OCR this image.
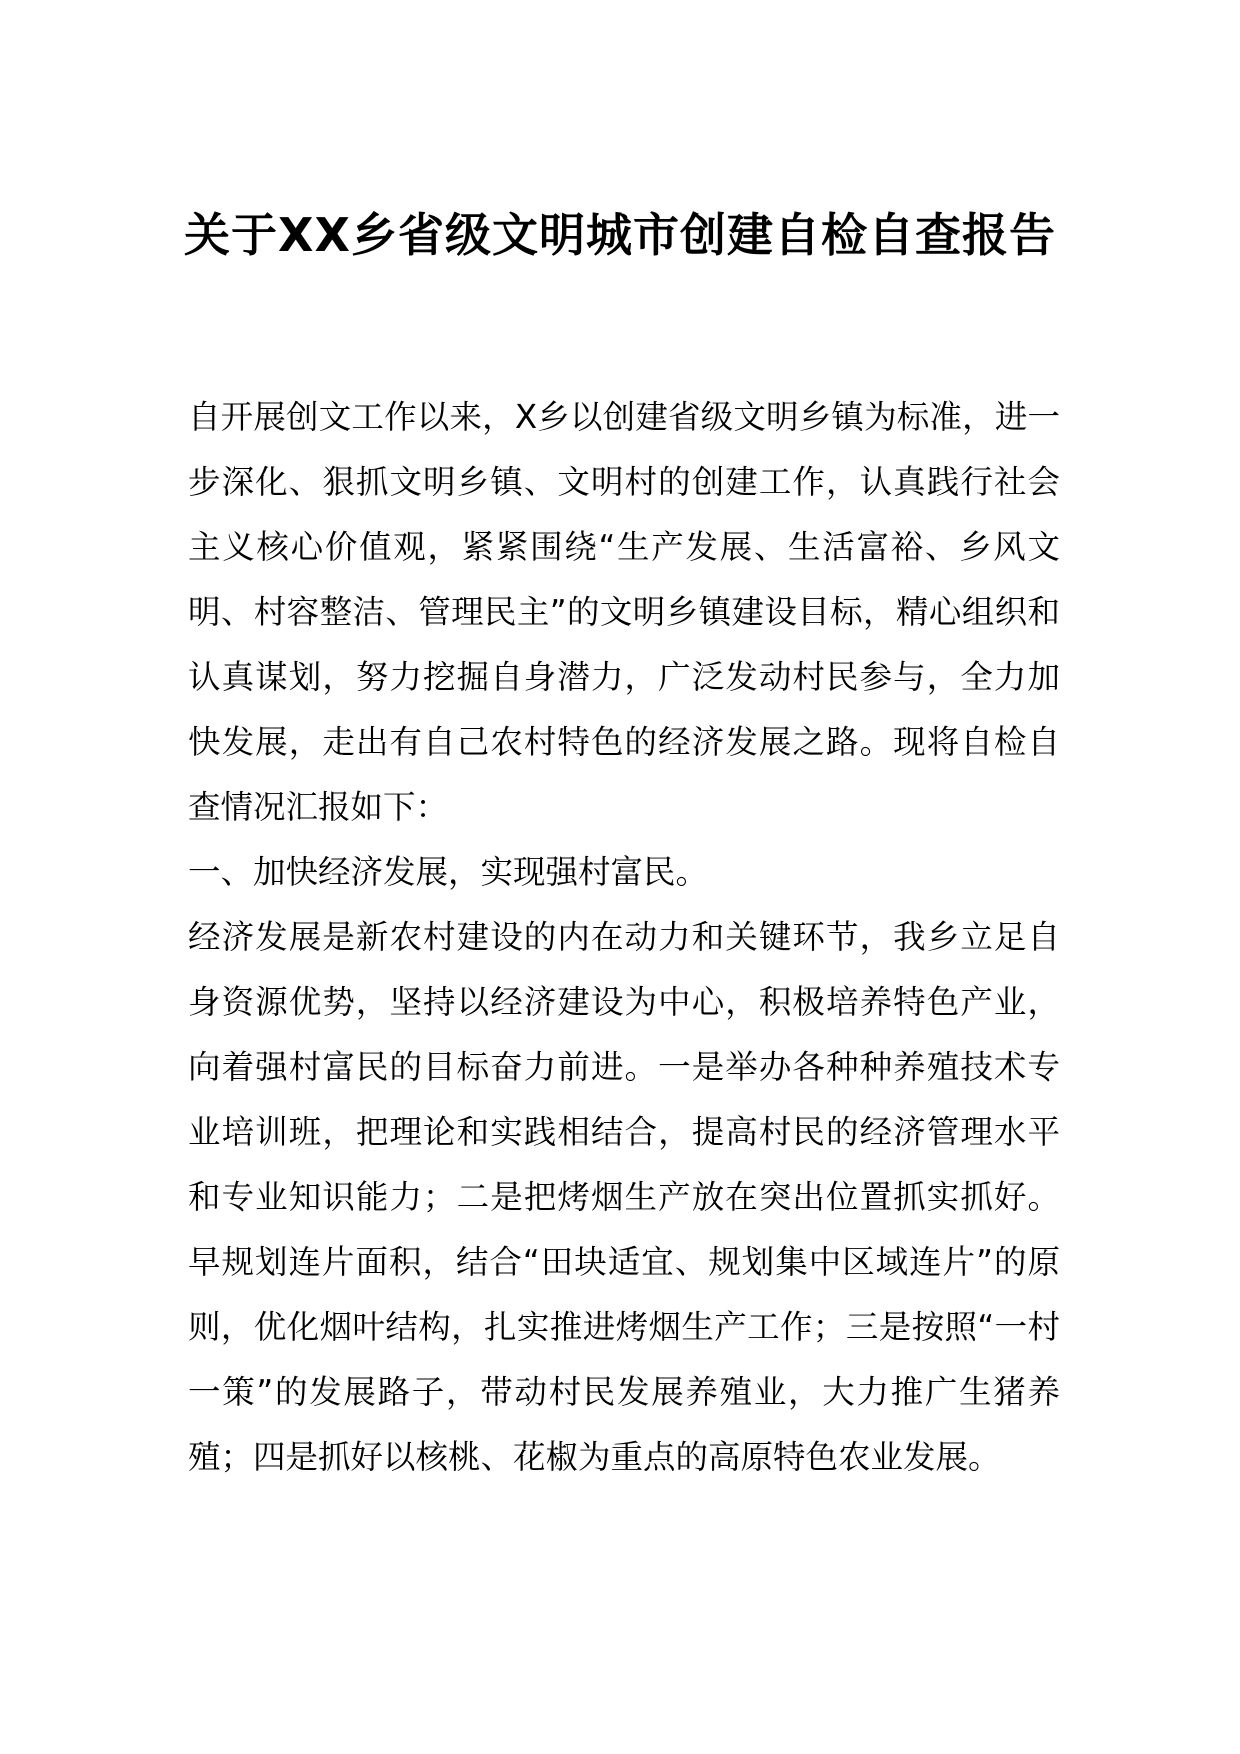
关于XX乡省级文明城市创建自检自查报告

自开展创文工作以来，X乡以创建省级文明乡镇为标准，进一步深化、狠抓文明乡镇、文明村的创建工作，认真践行社会主义核心价值观，紧紧围绕“生产发展、生活富裕、乡风文明、村容整洁、管理民主”的文明乡镇建设目标，精心组织和认真谋划，努力挖掘自身潜力，广泛发动村民参与，全力加快发展，走出有自己农村特色的经济发展之路。现将自检自查情况汇报如下：

一、加快经济发展，实现强村富民。

经济发展是新农村建设的内在动力和关键环节，我乡立足自身资源优势，坚持以经济建设为中心，积极培养特色产业，向着强村富民的目标奋力前进。一是举办各种种养殖技术专业培训班，把理论和实践相结合，提高村民的经济管理水平和专业知识能力；二是把烤烟生产放在突出位置抓实抓好。早规划连片面积，结合“田块适宜、规划集中区域连片”的原则，优化烟叶结构，扎实推进烤烟生产工作；三是按照“一村一策”的发展路子，带动村民发展养殖业，大力推广生猪养殖；四是抓好以核桃、花椒为重点的高原特色农业发展。
